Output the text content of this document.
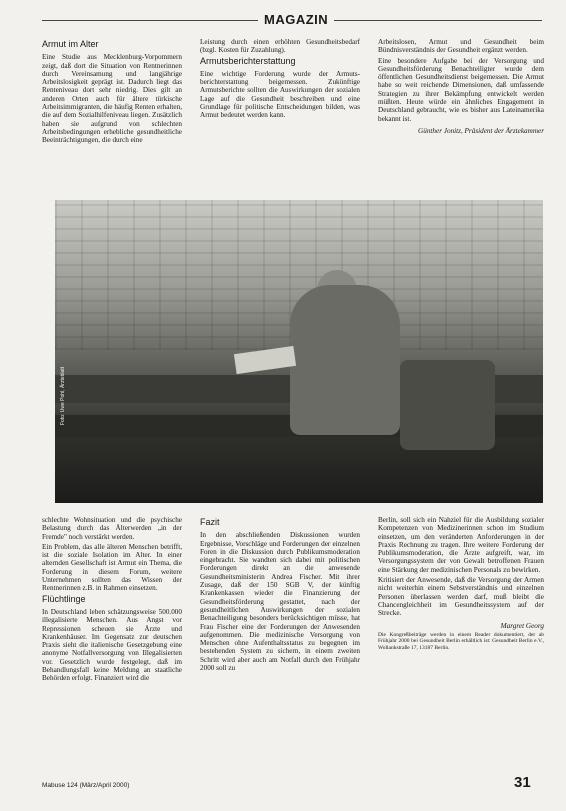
MAGAZIN
Armut im Alter

Eine Studie aus Mecklenburg-Vorpommern zeigt, daß dort die Situation von Rentnerinnen durch Vereinsamung und langjährige Arbeitslosigkeit geprägt ist. Dadurch liegt das Renteniveau dort sehr niedrig. Dies gilt an anderen Orten auch für ältere türkische Arbeitsimmigranten, die häufig Renten erhalten, die auf dem Sozialhilfeniveau liegen. Zusätzlich haben sie aufgrund von schlechten Arbeitsbedingungen erhebliche gesundheitliche Beeinträchtigungen, die durch eine

Leistung durch einen erhöhten Gesundheitsbedarf (bzgl. Kosten für Zuzahlung).

Armutsberichterstattung

Eine wichtige Forderung wurde der Armuts- berichterstattung beigemessen. Zukünftige Armutsberichte sollten die Auswirkungen der sozialen Lage auf die Gesundheit beschreiben und eine Grundlage für politische Entscheidungen bilden, was Armut bedeutet werden kann.

Arbeitslosen, Armut und Gesundheit beim Bündnisverständnis der Gesundheit ergänzt werden.

Eine besondere Aufgabe bei der Versorgung und Gesundheitsförderung Benachteiligter wurde dem öffentlichen Gesundheitsdienst beigemessen. Die Armut habe so weit reichende Dimensionen, daß umfassende Strategien zu ihrer Bekämpfung entwickelt werden müßten. Heute würde ein ähnliches Engagement in Deutschland gebraucht, wie es bisher aus Lateinamerika bekannt ist.

Günther Jonitz, Präsident der Ärztekammer

Foto: Uwe Pohl, Ärzteblatt

schlechte Wohnsituation und die psychische Belastung durch das Älterwerden „in der Fremde" noch verstärkt werden.

Ein Problem, das alle älteren Menschen betrifft, ist die soziale Isolation im Alter. In einer alternden Gesellschaft ist Armut ein Thema, die Forderung in diesem Forum, weitere Unternehmen sollten das Wissen der Rentnerinnen z.B. in Rahmen einsetzen.

Flüchtlinge

In Deutschland leben schätzungsweise 500.000 illegalisierte Menschen. Aus Angst vor Repressionen scheuen sie Ärzte und Krankenhäuser. Im Gegensatz zur deutschen Praxis sieht die italienische Gesetzgebung eine anonyme Notfallversorgung von Illegalisierten vor. Gesetzlich wurde festgelegt, daß im Behandlungsfall keine Meldung an staatliche Behörden erfolgt. Finanziert wird die

Fazit

In den abschließenden Diskussionen wurden Ergebnisse, Vorschläge und Forderungen der einzelnen Foren in die Diskussion durch Publikumsmoderation eingebracht. Sie wandten sich dabei mit politischen Forderungen direkt an die anwesende Gesundheitsministerin Andrea Fischer. Mit ihrer Zusage, daß der 150 SGB V, der künftig Krankenkassen wieder die Finanzierung der Gesundheitsförderung gestattet, nach der gesundheitlichen Auswirkungen der sozialen Benachteiligung besonders berücksichtigen müsse, hat Frau Fischer eine der Forderungen der Anwesenden aufgenommen. Die medizinische Versorgung von Menschen ohne Aufenthaltsstatus zu begegnen im bestehenden System zu sichern, in einem zweiten Schritt wird aber auch am Notfall durch den Frühjahr 2000 soll zu

Berlin, soll sich ein Nahziel für die Ausbildung sozialer Kompetenzen von Medizinerinnen schon im Studium einsetzen, um den veränderten Anforderungen in der Praxis Rechnung zu tragen. Ihre weitere Forderung der Publikumsmoderation, die Ärzte aufgreift, war, im Versorgungssystem der von Gewalt betroffenen Frauen eine Stärkung der medizinischen Personals zu bewirken.

Kritisiert der Anwesende, daß die Versorgung der Armen nicht weiterhin einem Sebstverständnis und einzelnen Personen überlassen werden darf, muß bleibt die Chancengleichheit im Gesundheitssystem auf der Strecke.

Margret Georg

Die Kongreßbeiträge werden in einem Reader dokumentiert, der ab Frühjahr 2000 bei Gesundheit Berlin erhältlich ist: Gesundheit Berlin e.V., Wollankstraße 17, 13187 Berlin.

Mabuse 124 (März/April 2000)	31
